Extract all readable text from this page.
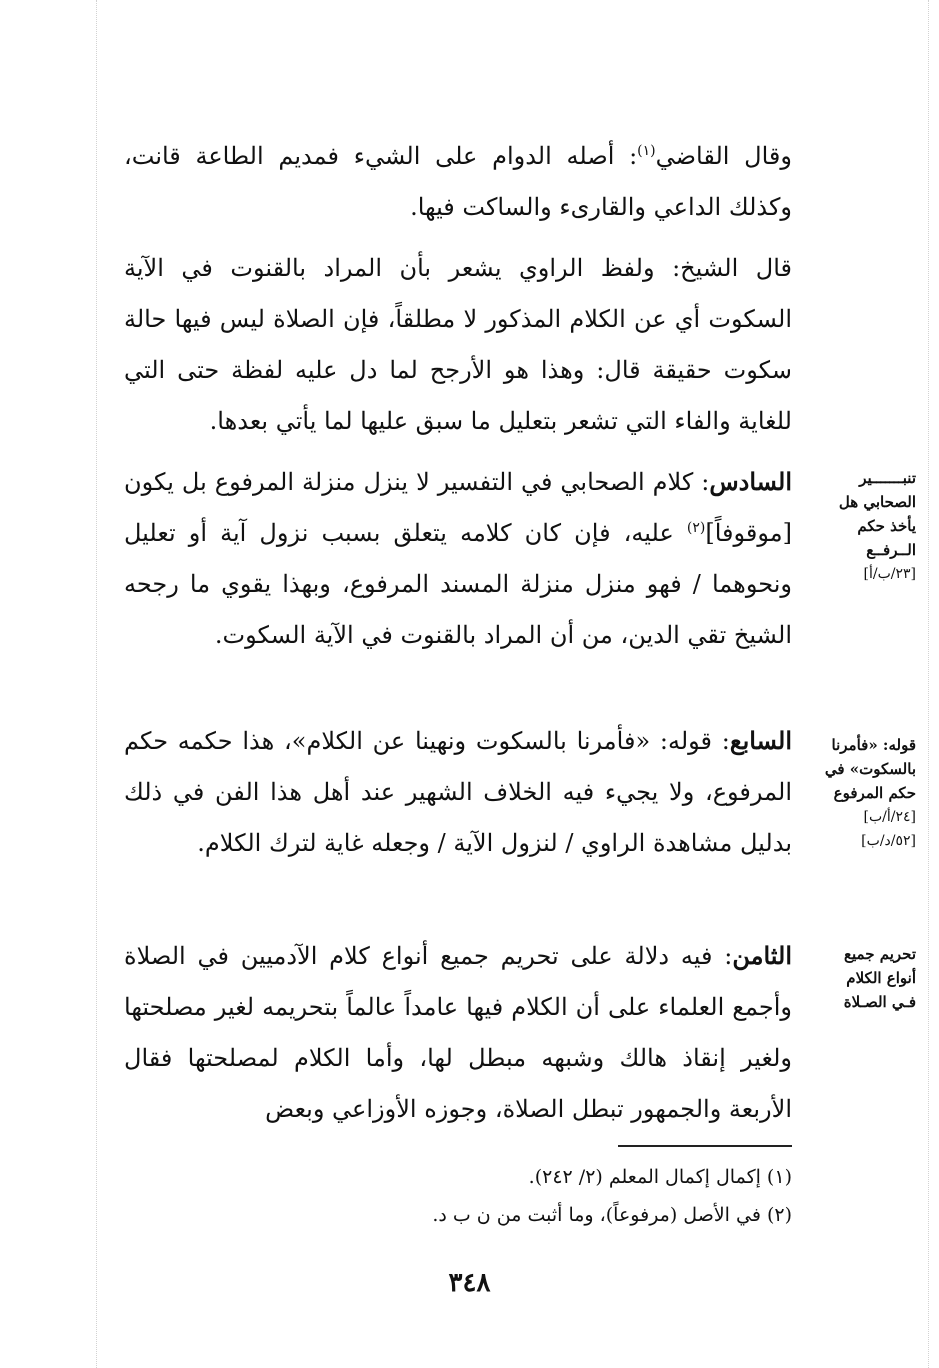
وقال القاضي$^{(١)}$: أصله الدوام على الشيء فمديم الطاعة قانت، وكذلك الداعي والقارىء والساكت فيها.
قال الشيخ: ولفظ الراوي يشعر بأن المراد بالقنوت في الآية السكوت أي عن الكلام المذكور لا مطلقاً، فإن الصلاة ليس فيها حالة سكوت حقيقة قال: وهذا هو الأرجح لما دل عليه لفظة حتى التي للغاية والفاء التي تشعر بتعليل ما سبق عليها لما يأتي بعدها.
السادس: كلام الصحابي في التفسير لا ينزل منزلة المرفوع بل يكون [موقوفاً]$^{(٢)}$ عليه، فإن كان كلامه يتعلق بسبب نزول آية أو تعليل ونحوهما / فهو منزل منزلة المسند المرفوع، وبهذا يقوي ما رجحه الشيخ تقي الدين، من أن المراد بالقنوت في الآية السكوت.
السابع: قوله: «فأمرنا بالسكوت ونهينا عن الكلام»، هذا حكمه حكم المرفوع، ولا يجيء فيه الخلاف الشهير عند أهل هذا الفن في ذلك بدليل مشاهدة الراوي / لنزول الآية / وجعله غاية لترك الكلام.
الثامن: فيه دلالة على تحريم جميع أنواع كلام الآدميين في الصلاة وأجمع العلماء على أن الكلام فيها عامداً عالماً بتحريمه لغير مصلحتها ولغير إنقاذ هالك وشبهه مبطل لها، وأما الكلام لمصلحتها فقال الأربعة والجمهور تبطل الصلاة، وجوزه الأوزاعي وبعض
تنبـــــــير
الصحابي هل
يأخذ حكم
الــرفــع
[٢٣/ب/أ]
قوله: «فأمرنا
بالسكوت» في
حكم المرفوع
[٢٤/أ/ب]
[٥٢/د/ب]
تحريم جميع
أنواع الكلام
فـي الصـلاة
(١) إكمال إكمال المعلم (٢/ ٢٤٢).
(٢) في الأصل (مرفوعاً)، وما أثبت من ن ب د.
٣٤٨
